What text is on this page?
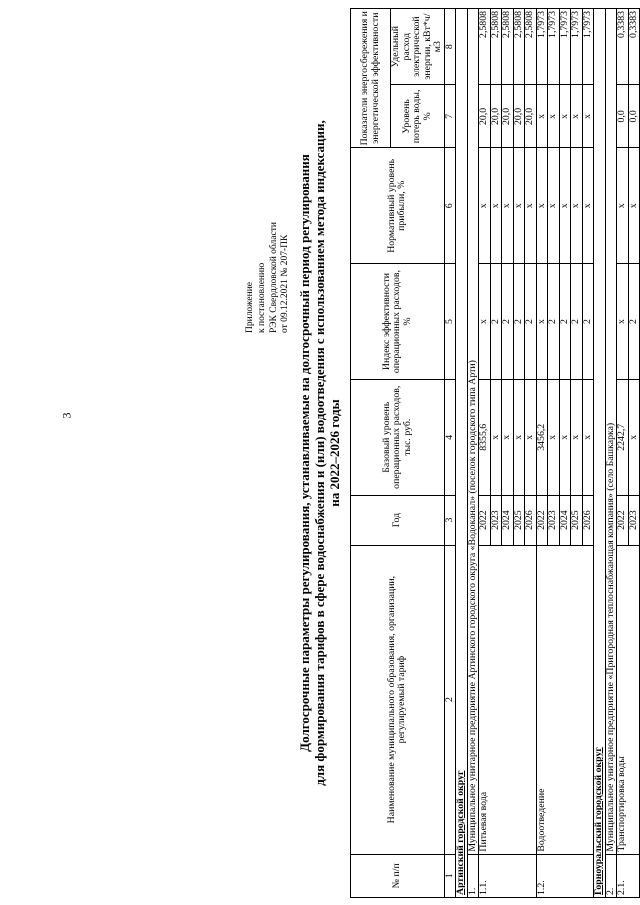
3
Приложение к постановлению РЭК Свердловской области от 09.12.2021 № 207-ПК Долгосрочные параметры регулирования, устанавливаемые на долгосрочный период регулирования для формирования тарифов в сфере водоснабжения и (или) водоотведения с использованием метода индексации, на 2022–2026 годы
№ п/п	Наименование муниципального образования, организации, регулируемый тариф	Год	Базовый уровень операционных расходов, тыс. руб.	Индекс эффективности операционных расходов, %	Нормативный уровень прибыли, %	Показатели энергосбережения и энергетической эффективности	
						Уровень потерь воды, %	Удельный расход электрической энергии, кВт*ч/м3
1	2	3	4	5	6	7	8
Артинский городской округ							
1.	Муниципальное унитарное предприятие Артинского городского округа «Водоканал» (поселок городского типа Арти)						
1.1.	Питьевая вода	2022	8355,6	x	x	20,0	2,5808
		2023	x	2	x	20,0	2,5808
		2024	x	2	x	20,0	2,5808
		2025	x	2	x	20,0	2,5808
		2026	x	2	x	20,0	2,5808
1.2.	Водоотведение	2022	3456,2	x	x	x	1,7973
		2023	x	2	x	x	1,7973
		2024	x	2	x	x	1,7973
		2025	x	2	x	x	1,7973
		2026	x	2	x	x	1,7973
Горноуральский городской округ							
2.	Муниципальное унитарное предприятие «Пригородная теплоснабжающая компания» (село Башкарка)						
2.1.	Транспортировка воды	2022	2242,7	x	x	0,0	0,3383
		2023	x	2	x	0,0	0,3383
